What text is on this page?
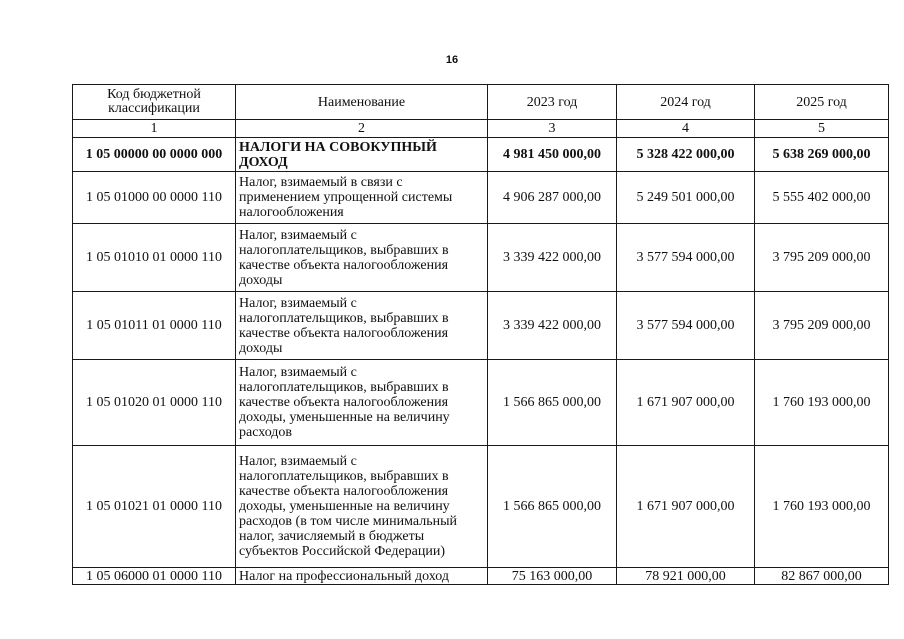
16
Код бюджетной классификации	Наименование	2023 год	2024 год	2025 год
1	2	3	4	5
1 05 00000 00 0000 000	НАЛОГИ НА СОВОКУПНЫЙ ДОХОД	4 981 450 000,00	5 328 422 000,00	5 638 269 000,00
1 05 01000 00 0000 110	Налог, взимаемый в связи с применением упрощенной системы налогообложения	4 906 287 000,00	5 249 501 000,00	5 555 402 000,00
1 05 01010 01 0000 110	Налог, взимаемый с налогоплательщиков, выбравших в качестве объекта налогообложения доходы	3 339 422 000,00	3 577 594 000,00	3 795 209 000,00
1 05 01011 01 0000 110	Налог, взимаемый с налогоплательщиков, выбравших в качестве объекта налогообложения доходы	3 339 422 000,00	3 577 594 000,00	3 795 209 000,00
1 05 01020 01 0000 110	Налог, взимаемый с налогоплательщиков, выбравших в качестве объекта налогообложения доходы, уменьшенные на величину расходов	1 566 865 000,00	1 671 907 000,00	1 760 193 000,00
1 05 01021 01 0000 110	Налог, взимаемый с налогоплательщиков, выбравших в качестве объекта налогообложения доходы, уменьшенные на величину расходов (в том числе минимальный налог, зачисляемый в бюджеты субъектов Российской Федерации)	1 566 865 000,00	1 671 907 000,00	1 760 193 000,00
1 05 06000 01 0000 110	Налог на профессиональный доход	75 163 000,00	78 921 000,00	82 867 000,00
